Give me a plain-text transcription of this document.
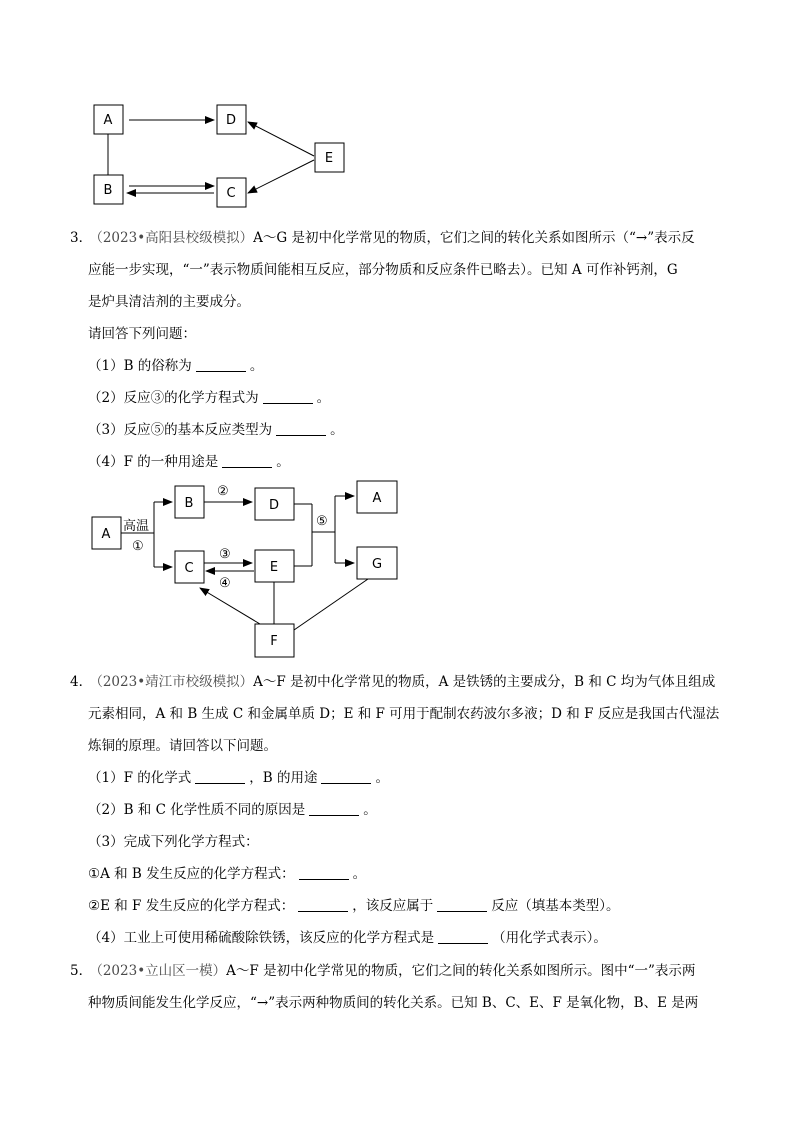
A	D
B	C
E
A
B	D
C	E
A
G
F
高温
①
②
③
④
⑤
3． （2023•高阳县校级模拟）A～G 是初中化学常见的物质，它们之间的转化关系如图所示（“→”表示反
应能一步实现，“一”表示物质间能相互反应，部分物质和反应条件已略去）。已知 A 可作补钙剂，G
是炉具清洁剂的主要成分。
请回答下列问题：
（1）B 的俗称为	。
（2）反应③的化学方程式为	。
（3）反应⑤的基本反应类型为	。
（4）F 的一种用途是	。
4． （2023•靖江市校级模拟）A～F 是初中化学常见的物质，A 是铁锈的主要成分，B 和 C 均为气体且组成
元素相同，A 和 B 生成 C 和金属单质 D；E 和 F 可用于配制农药波尔多液；D 和 F 反应是我国古代湿法
炼铜的原理。请回答以下问题。
（1）F 的化学式	，B 的用途	。
（2）B 和 C 化学性质不同的原因是	。
（3）完成下列化学方程式：
①A 和 B 发生反应的化学方程式：	。
②E 和 F 发生反应的化学方程式：	，该反应属于	反应（填基本类型）。
（4）工业上可使用稀硫酸除铁锈，该反应的化学方程式是	（用化学式表示）。
5． （2023•立山区一模）A～F 是初中化学常见的物质，它们之间的转化关系如图所示。图中“一”表示两
种物质间能发生化学反应，“→”表示两种物质间的转化关系。已知 B、C、E、F 是氧化物，B、E 是两
